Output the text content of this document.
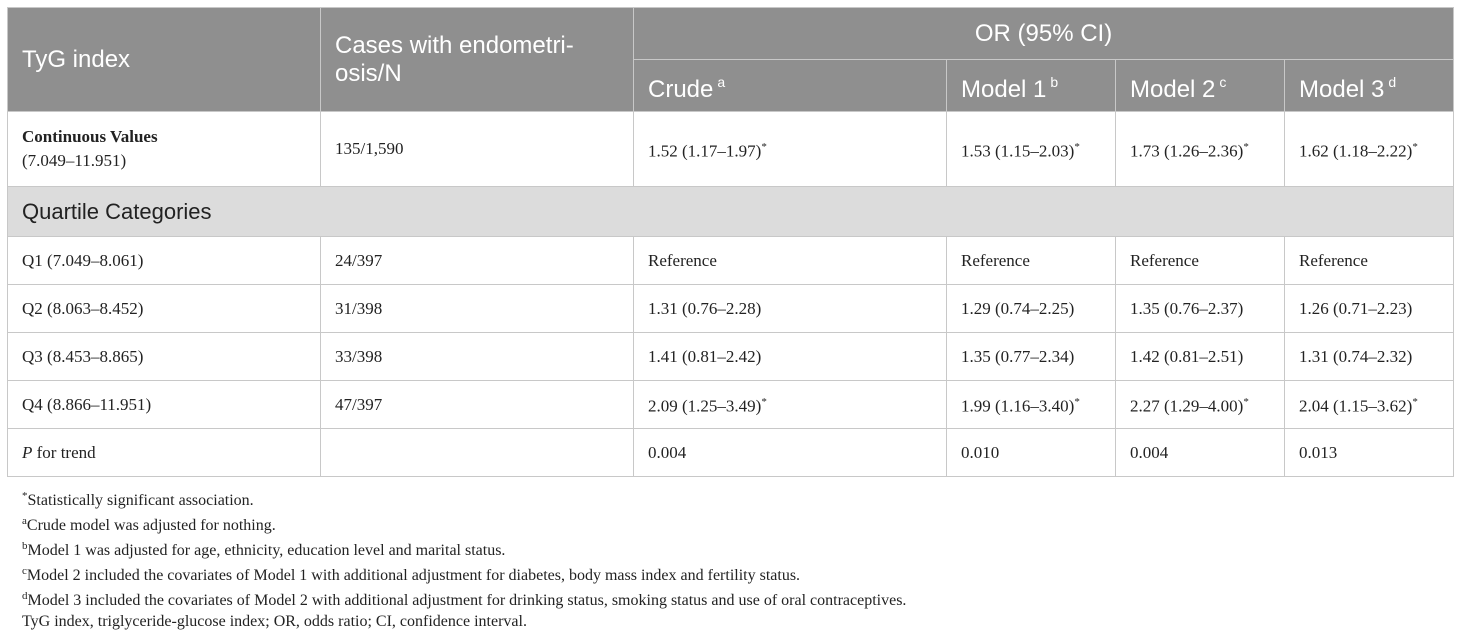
TyG index	Cases with endometri-osis/N	OR (95% CI)			
		Crude $^a$	Model 1 $^b$	Model 2 $^c$	Model 3 $^d$

Continuous Values
(7.049–11.951)	135/1,590	1.52 (1.17–1.97)*	1.53 (1.15–2.03)*	1.73 (1.26–2.36)*	1.62 (1.18–2.22)*
Quartile Categories					
Q1 (7.049–8.061)	24/397	Reference	Reference	Reference	Reference
Q2 (8.063–8.452)	31/398	1.31 (0.76–2.28)	1.29 (0.74–2.25)	1.35 (0.76–2.37)	1.26 (0.71–2.23)
Q3 (8.453–8.865)	33/398	1.41 (0.81–2.42)	1.35 (0.77–2.34)	1.42 (0.81–2.51)	1.31 (0.74–2.32)
Q4 (8.866–11.951)	47/397	2.09 (1.25–3.49)*	1.99 (1.16–3.40)*	2.27 (1.29–4.00)*	2.04 (1.15–3.62)*
P for trend		0.004	0.010	0.004	0.013
*Statistically significant association.
$^a$Crude model was adjusted for nothing.
$^b$Model 1 was adjusted for age, ethnicity, education level and marital status.
$^c$Model 2 included the covariates of Model 1 with additional adjustment for diabetes, body mass index and fertility status.
$^d$Model 3 included the covariates of Model 2 with additional adjustment for drinking status, smoking status and use of oral contraceptives.
TyG index, triglyceride-glucose index; OR, odds ratio; CI, confidence interval.
